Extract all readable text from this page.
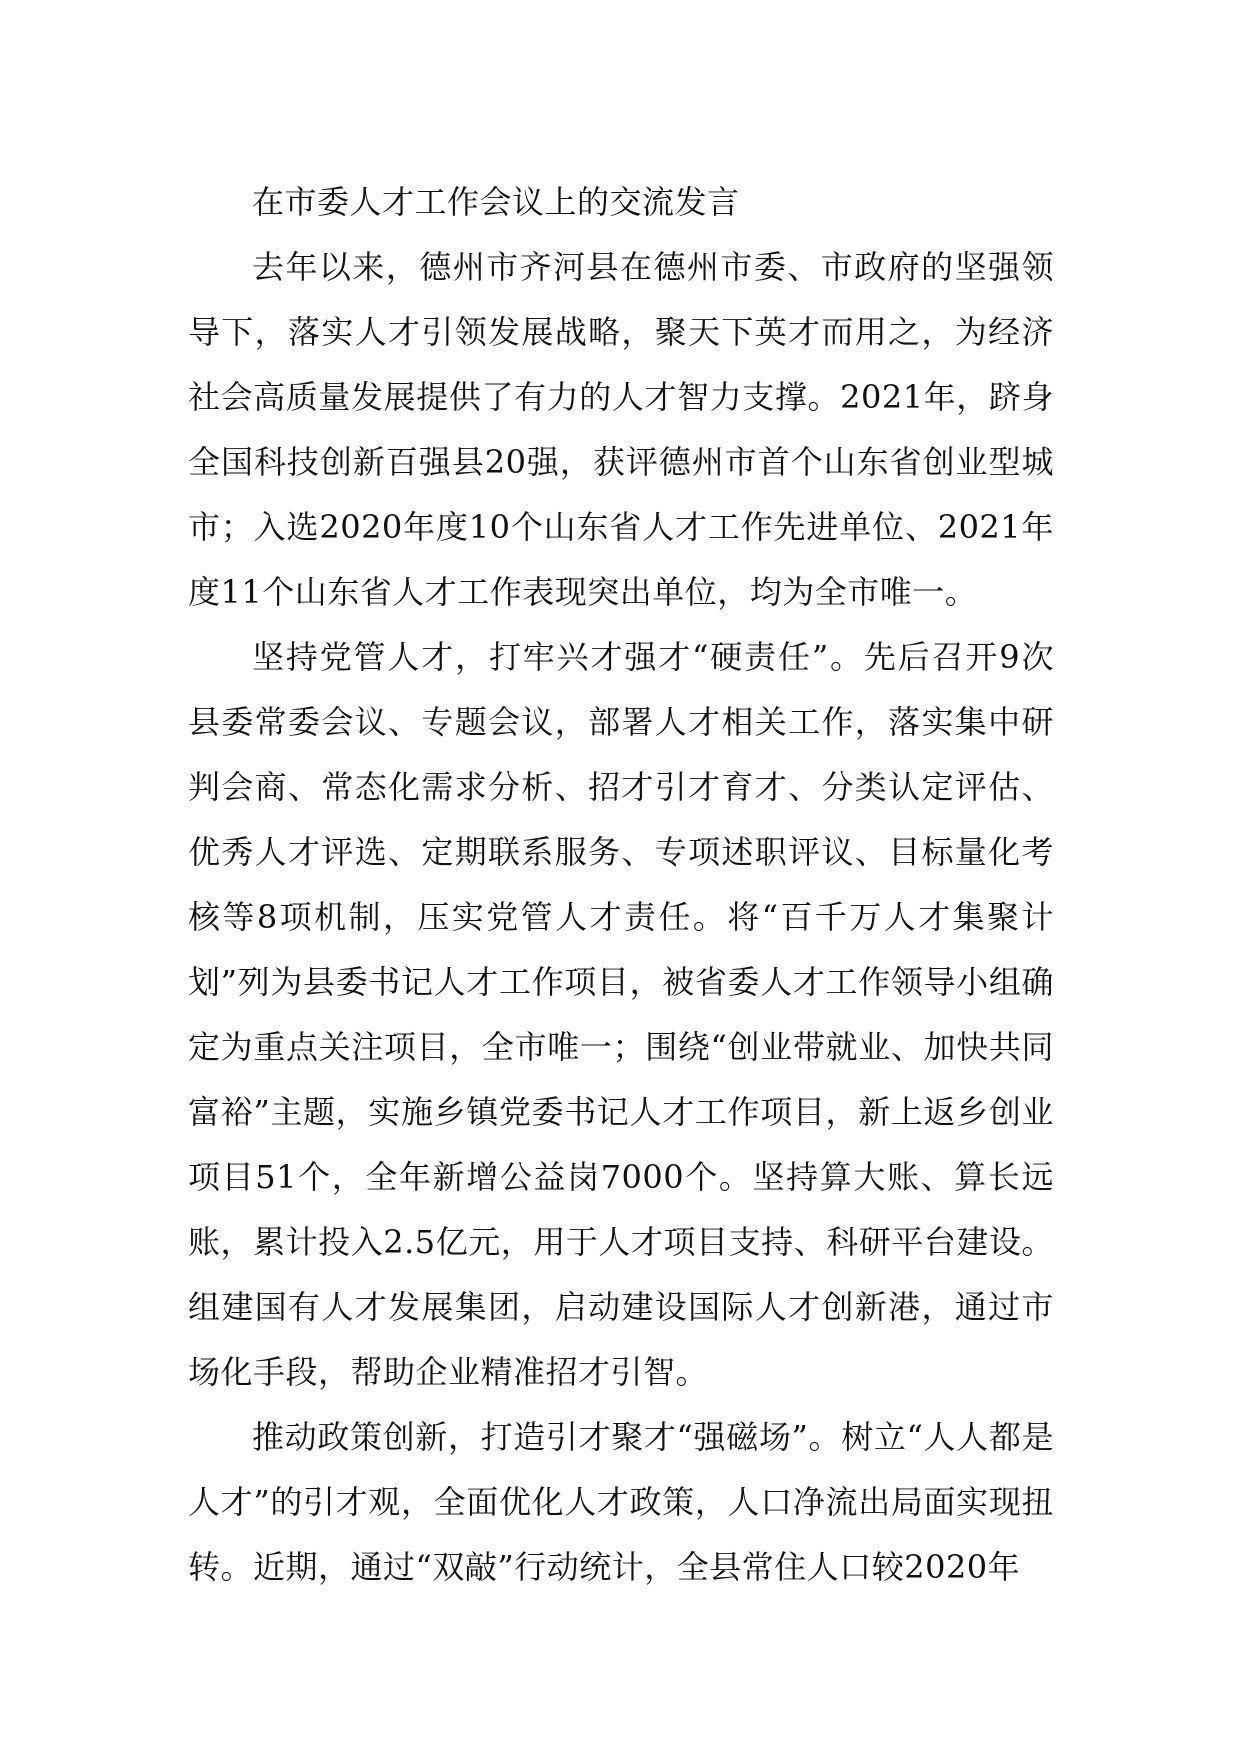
在市委人才工作会议上的交流发言

去年以来，德州市齐河县在德州市委、市政府的坚强领导下，落实人才引领发展战略，聚天下英才而用之，为经济社会高质量发展提供了有力的人才智力支撑。2021年，跻身全国科技创新百强县20强，获评德州市首个山东省创业型城市；入选2020年度10个山东省人才工作先进单位、2021年度11个山东省人才工作表现突出单位，均为全市唯一。

坚持党管人才，打牢兴才强才“硬责任”。先后召开9次县委常委会议、专题会议，部署人才相关工作，落实集中研判会商、常态化需求分析、招才引才育才、分类认定评估、优秀人才评选、定期联系服务、专项述职评议、目标量化考核等8项机制，压实党管人才责任。将“百千万人才集聚计划”列为县委书记人才工作项目，被省委人才工作领导小组确定为重点关注项目，全市唯一；围绕“创业带就业、加快共同富裕”主题，实施乡镇党委书记人才工作项目，新上返乡创业项目51个，全年新增公益岗7000个。坚持算大账、算长远账，累计投入2.5亿元，用于人才项目支持、科研平台建设。组建国有人才发展集团，启动建设国际人才创新港，通过市场化手段，帮助企业精准招才引智。

推动政策创新，打造引才聚才“强磁场”。树立“人人都是人才”的引才观，全面优化人才政策，人口净流出局面实现扭转。近期，通过“双敲”行动统计，全县常住人口较2020年
